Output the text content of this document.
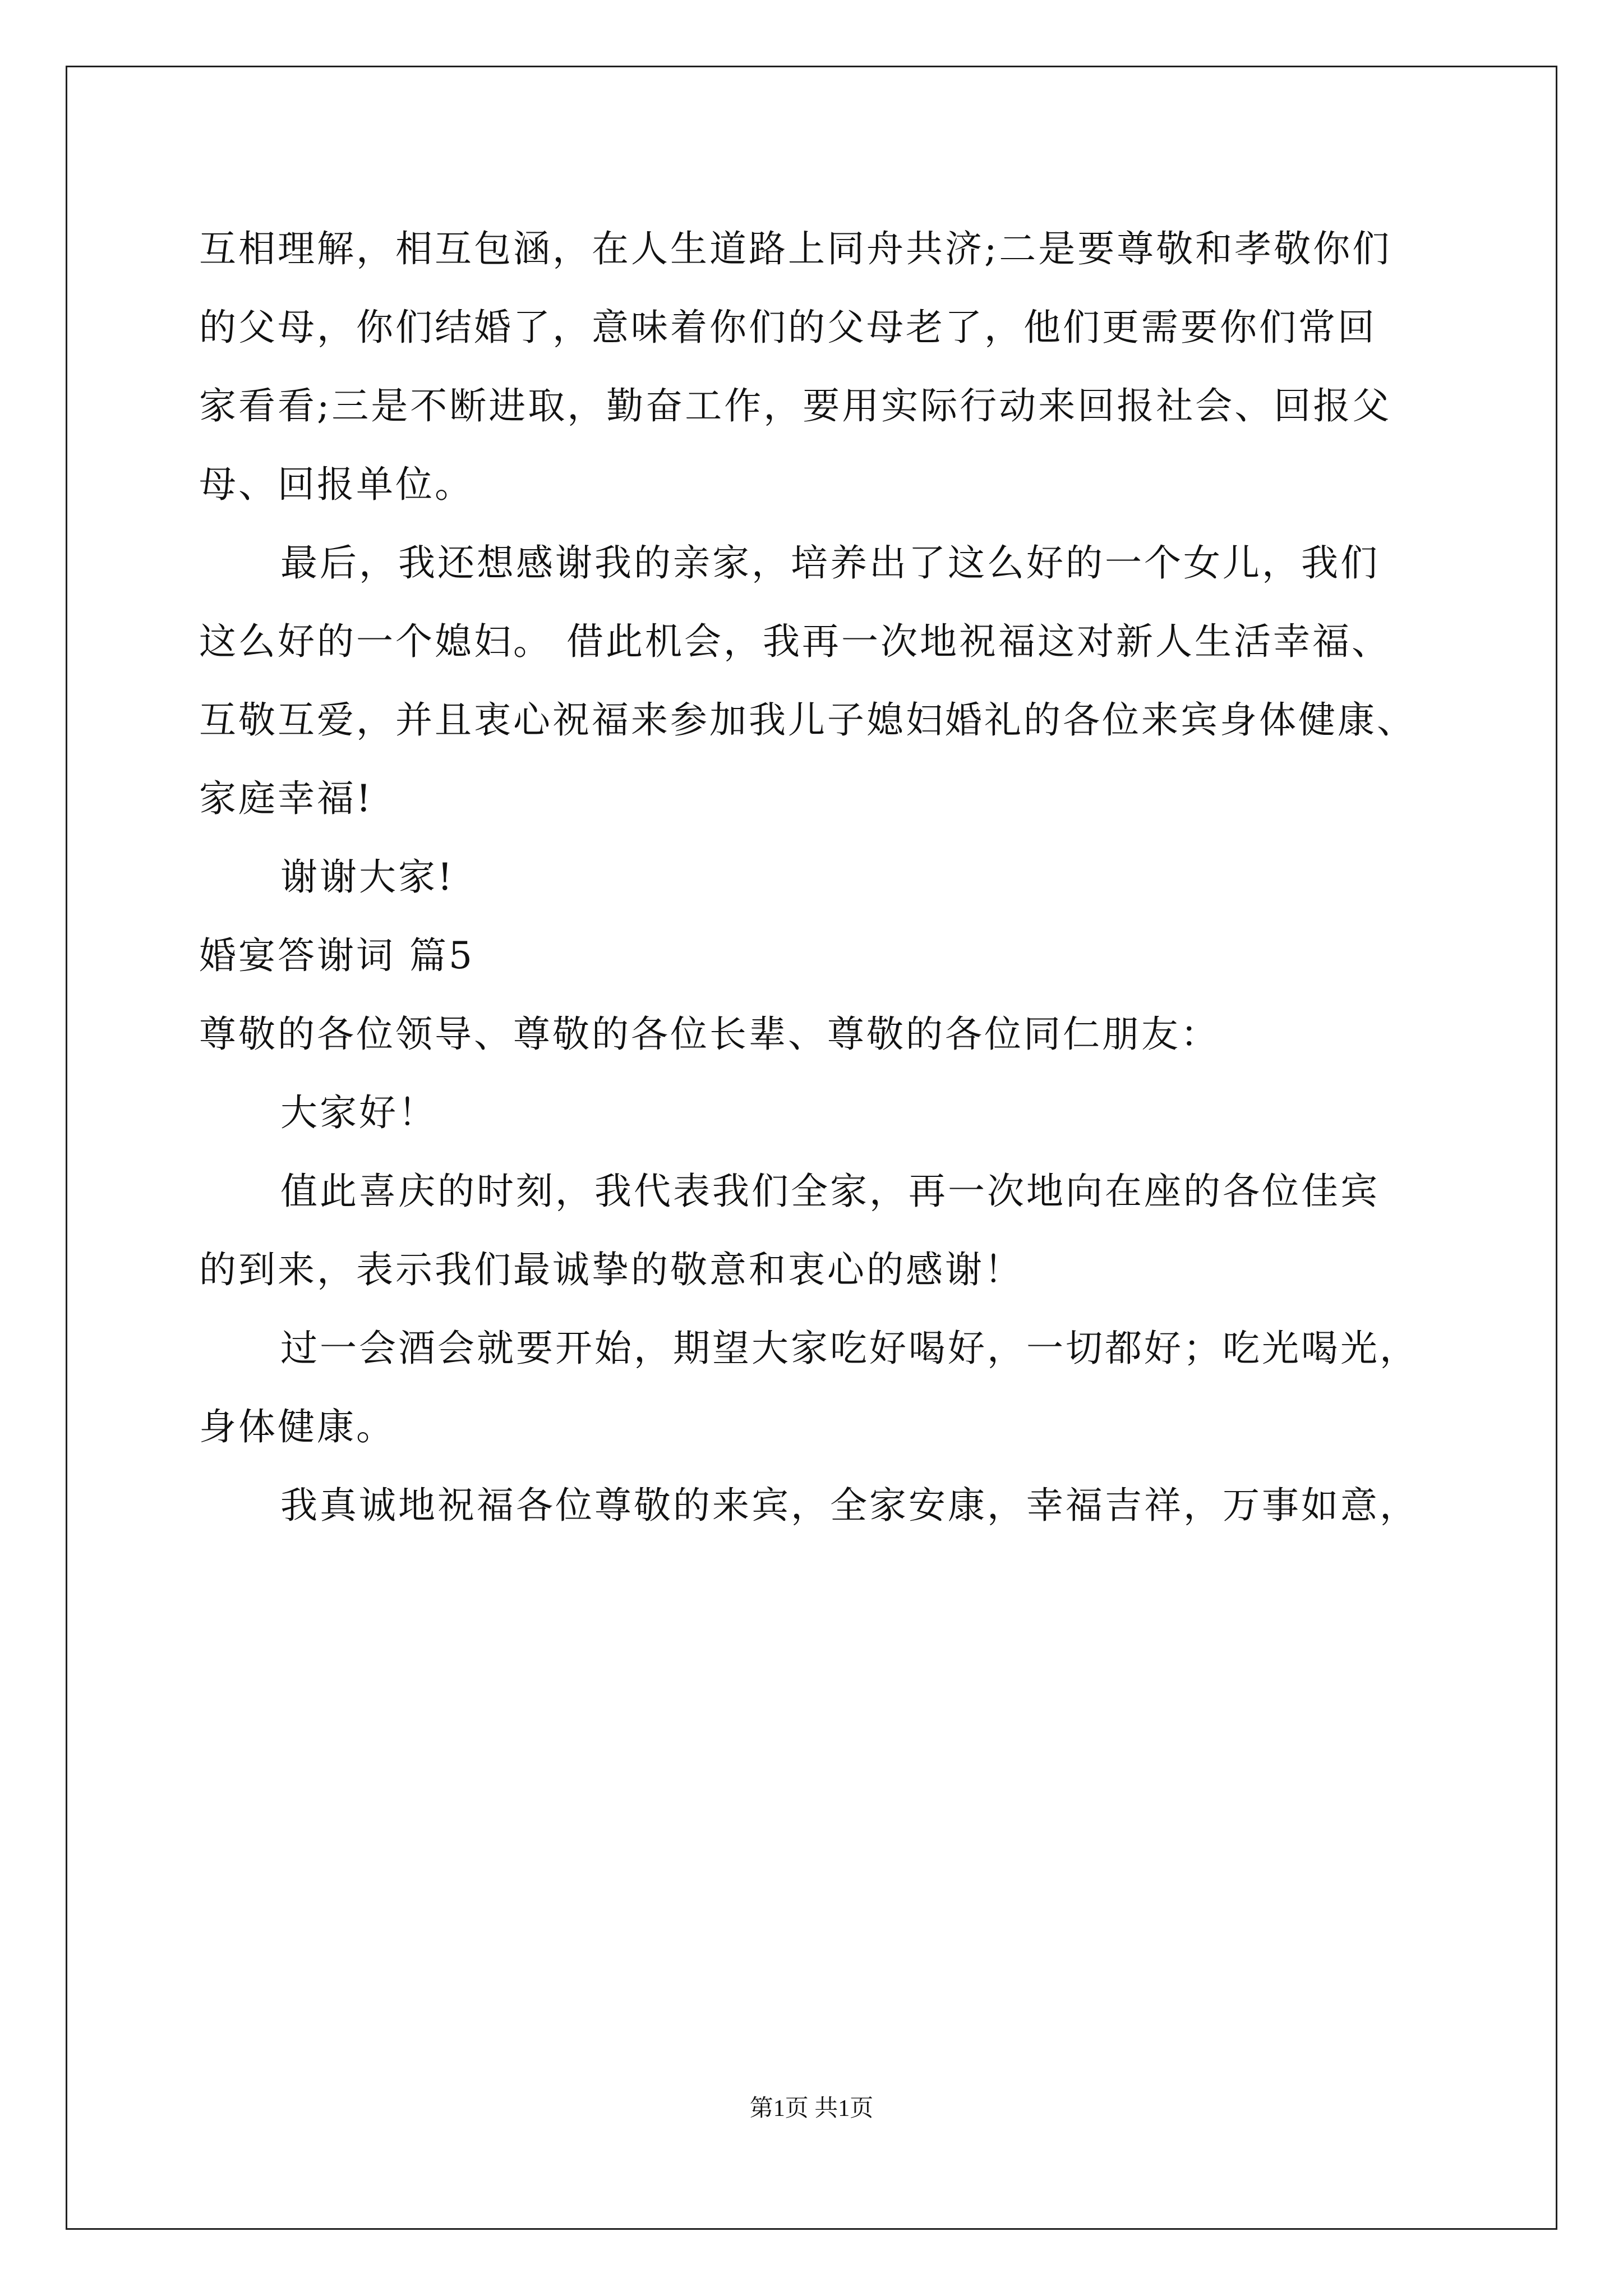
互相理解，相互包涵，在人生道路上同舟共济;二是要尊敬和孝敬你们
的父母，你们结婚了，意味着你们的父母老了，他们更需要你们常回
家看看;三是不断进取，勤奋工作，要用实际行动来回报社会、回报父
母、回报单位。
最后，我还想感谢我的亲家，培养出了这么好的一个女儿，我们
这么好的一个媳妇。 借此机会，我再一次地祝福这对新人生活幸福、
互敬互爱，并且衷心祝福来参加我儿子媳妇婚礼的各位来宾身体健康、
家庭幸福!
谢谢大家!
婚宴答谢词 篇5
尊敬的各位领导、尊敬的各位长辈、尊敬的各位同仁朋友：
大家好！
值此喜庆的时刻，我代表我们全家，再一次地向在座的各位佳宾
的到来，表示我们最诚挚的敬意和衷心的感谢！
过一会酒会就要开始，期望大家吃好喝好，一切都好；吃光喝光，
身体健康。
我真诚地祝福各位尊敬的来宾，全家安康，幸福吉祥，万事如意，
第1页 共1页
